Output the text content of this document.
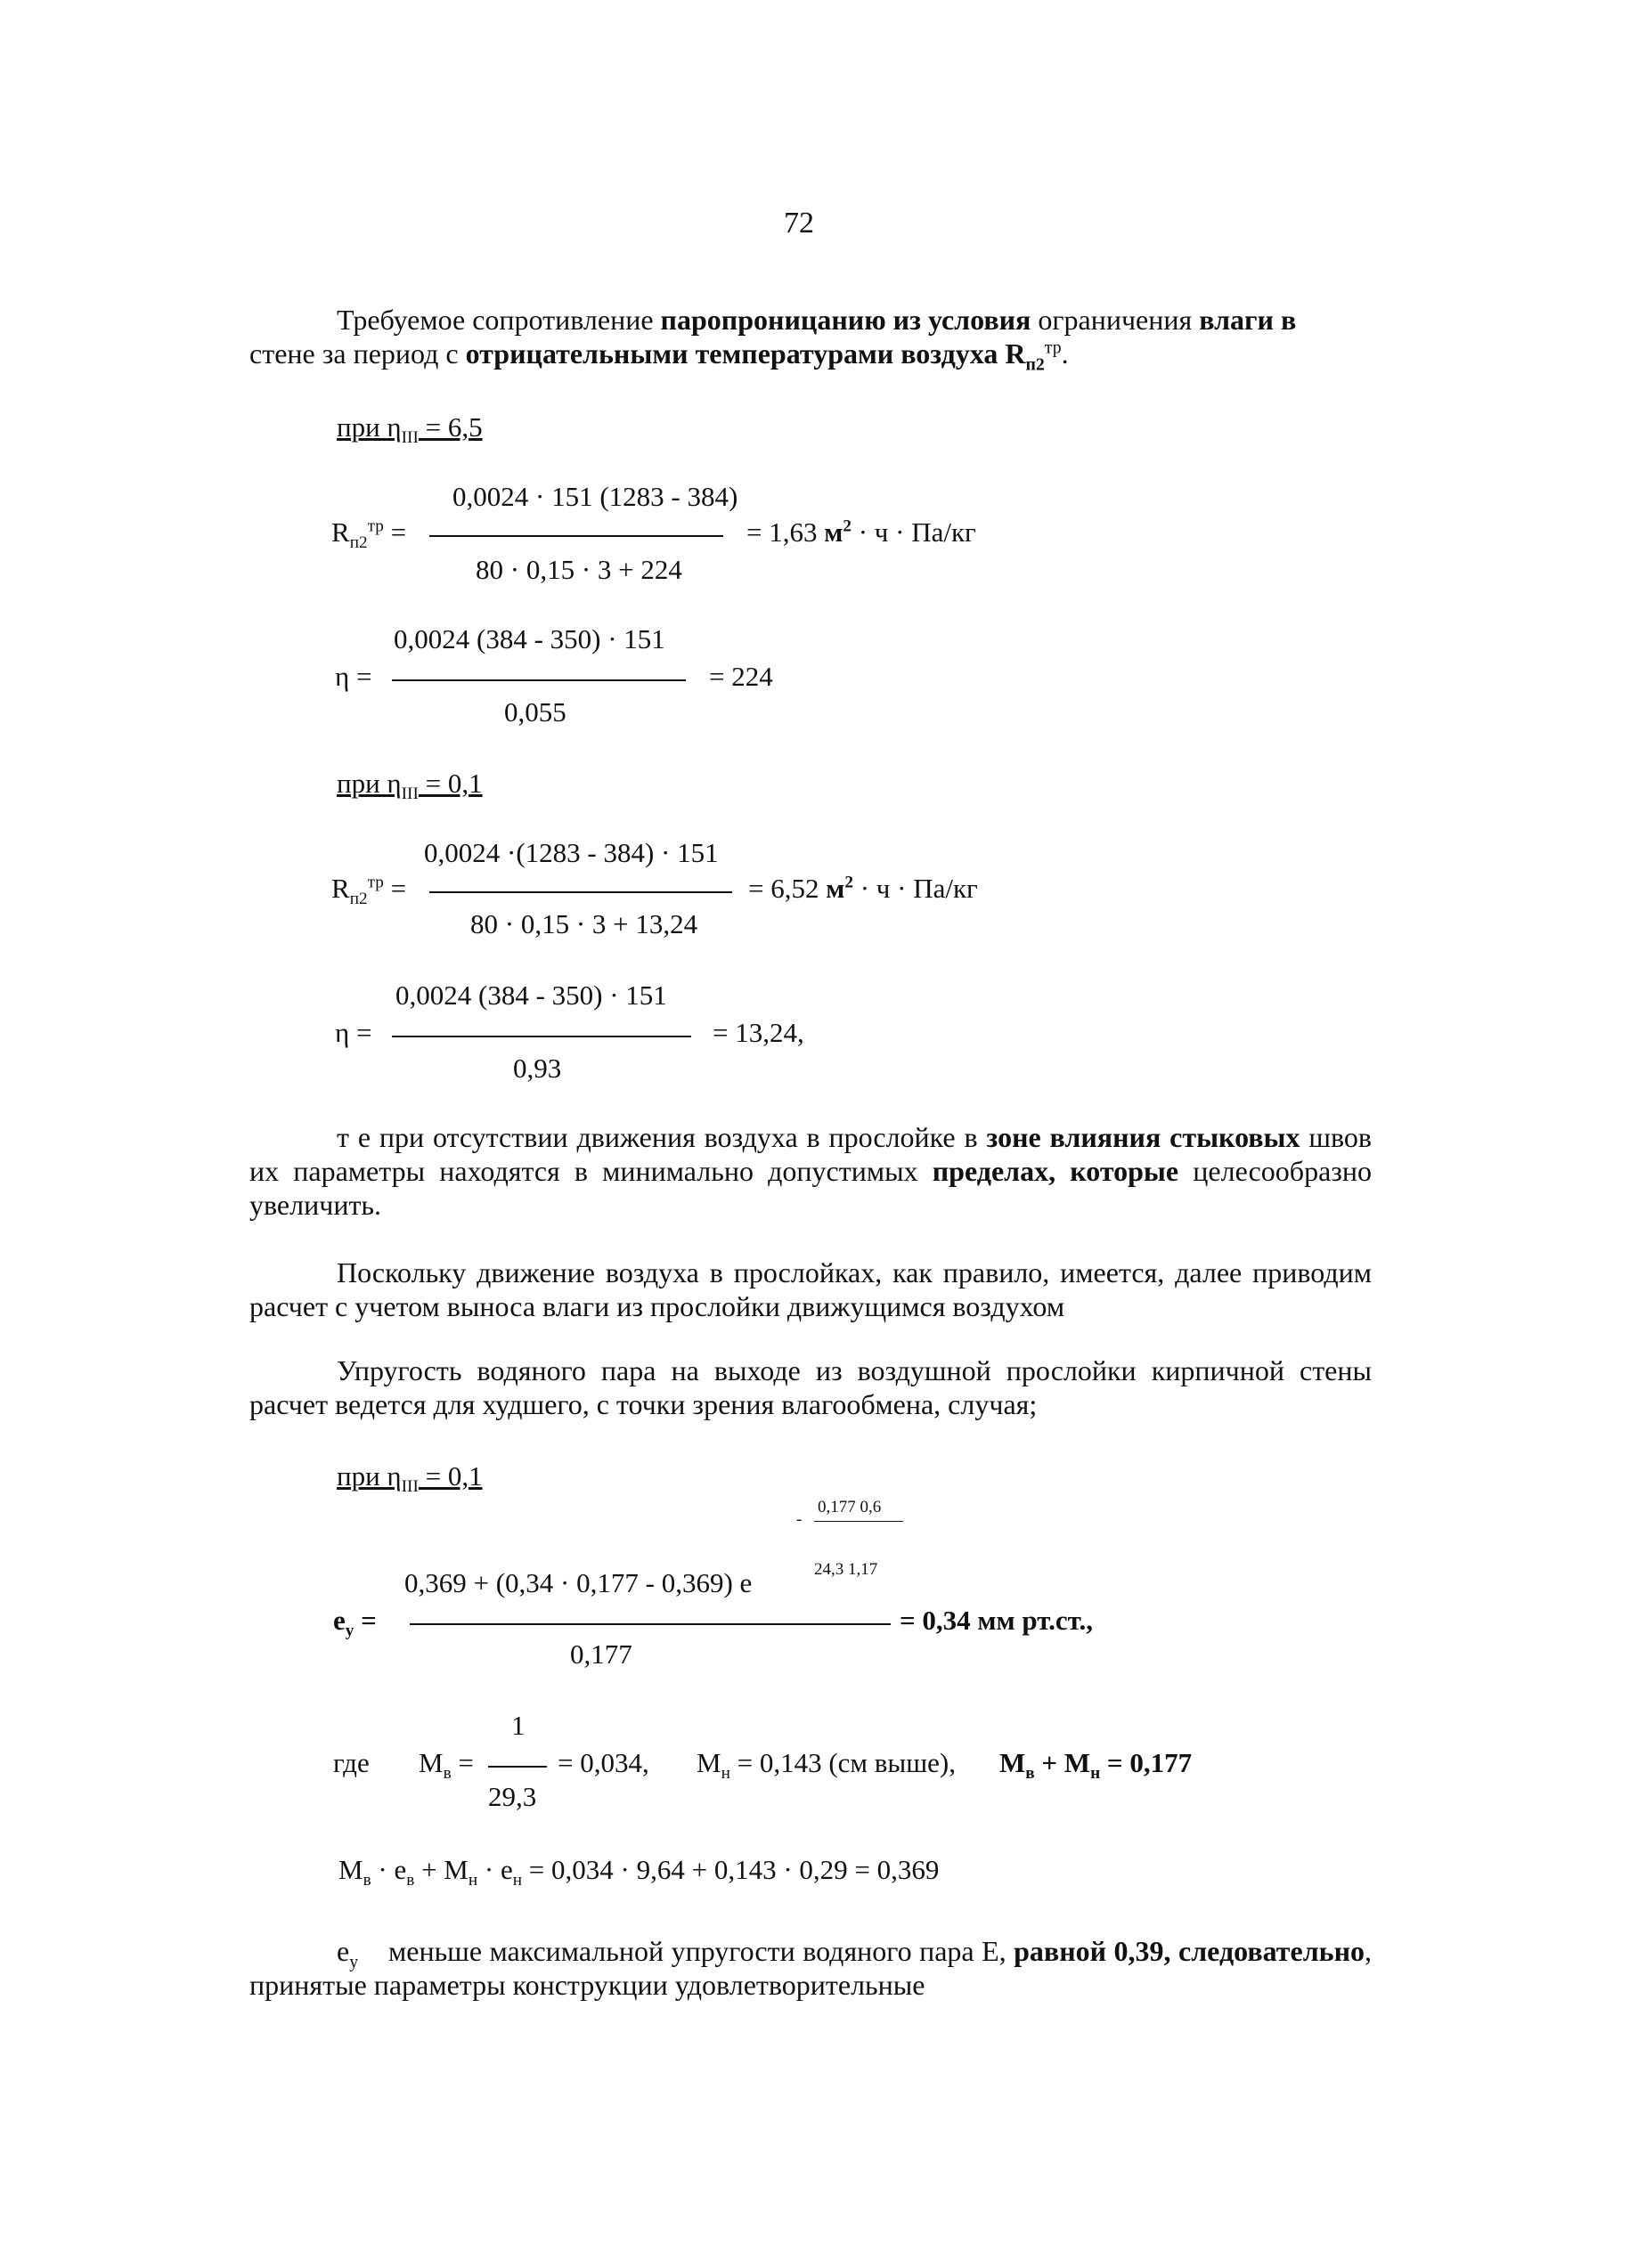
72
Требуемое сопротивление паропроницанию из условия ограничения влаги в
стене за период с отрицательными температурами воздуха $R_{п2}^{тр}$.
при $\eta_{III} = 6,5$
0,0024 · 151 (1283 - 384)
$R_{п2}^{тр}$ =	= 1,63 $м^2 \cdot ч \cdot Па/кг$
80 · 0,15 · 3 + 224
0,0024 (384 - 350) · 151
η =	= 224
0,055
при $\eta_{III} = 0,1$
0,0024 ·(1283 - 384) · 151
$R_{п2}^{тр}$ =	= 6,52 $м^2 \cdot ч \cdot Па/кг$
80 · 0,15 · 3 + 13,24
0,0024 (384 - 350) · 151
η =	= 13,24,
0,93
т е при отсутствии движения воздуха в прослойке в зоне влияния стыковых швов их параметры находятся в минимально допустимых пределах, которые целесообразно увеличить.
Поскольку движение воздуха в прослойках, как правило, имеется, далее приводим расчет с учетом выноса влаги из прослойки движущимся воздухом
Упругость водяного пара на выходе из воздушной прослойки кирпичной стены расчет ведется для худшего, с точки зрения влагообмена, случая;
при $\eta_{III} = 0,1$
-
0,177 0,6
24,3 1,17
0,369 + (0,34 · 0,177 - 0,369) e
$e_у$ =	= 0,34 мм рт.ст.,
0,177
1
где $M_в$ =	= 0,034, $M_н = 0,143$ (см выше), $M_в + M_н = 0,177$
29,3
$M_в \cdot e_в + M_н \cdot e_н = 0,034 \cdot 9,64 + 0,143 \cdot 0,29 = 0,369$
$e_у$ меньше максимальной упругости водяного пара E, равной 0,39, следовательно, принятые параметры конструкции удовлетворительные
